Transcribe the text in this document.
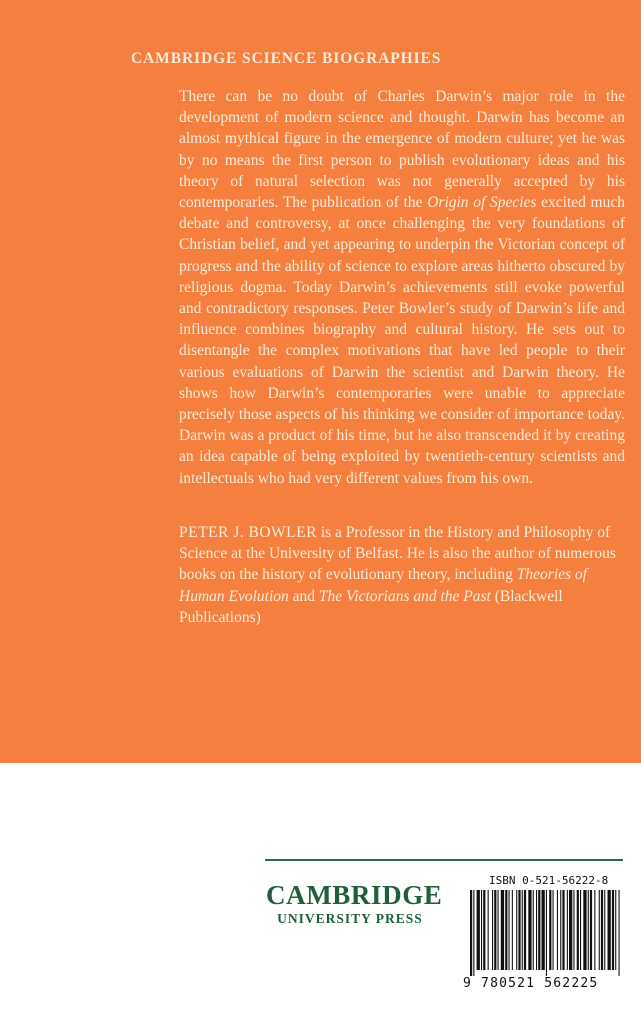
CAMBRIDGE SCIENCE BIOGRAPHIES

There can be no doubt of Charles Darwin’s major role in the development of modern science and thought. Darwin has become an almost mythical figure in the emergence of modern culture; yet he was by no means the first person to publish evolutionary ideas and his theory of natural selection was not generally accepted by his contemporaries. The publication of the Origin of Species excited much debate and controversy, at once challenging the very foundations of Christian belief, and yet appearing to underpin the Victorian concept of progress and the ability of science to explore areas hitherto obscured by religious dogma. Today Darwin’s achievements still evoke powerful and contradictory responses. Peter Bowler’s study of Darwin’s life and influence combines biography and cultural history. He sets out to disentangle the complex motivations that have led people to their various evaluations of Darwin the scientist and Darwin theory. He shows how Darwin’s contemporaries were unable to appreciate precisely those aspects of his thinking we consider of importance today. Darwin was a product of his time, but he also transcended it by creating an idea capable of being exploited by twentieth-century scientists and intellectuals who had very different values from his own.

PETER J. BOWLER is a Professor in the History and Philosophy of Science at the University of Belfast. He is also the author of numerous books on the history of evolutionary theory, including Theories of Human Evolution and The Victorians and the Past (Blackwell Publications)

CAMBRIDGE
UNIVERSITY PRESS
ISBN 0-521-56222-8
9 780521 562225
